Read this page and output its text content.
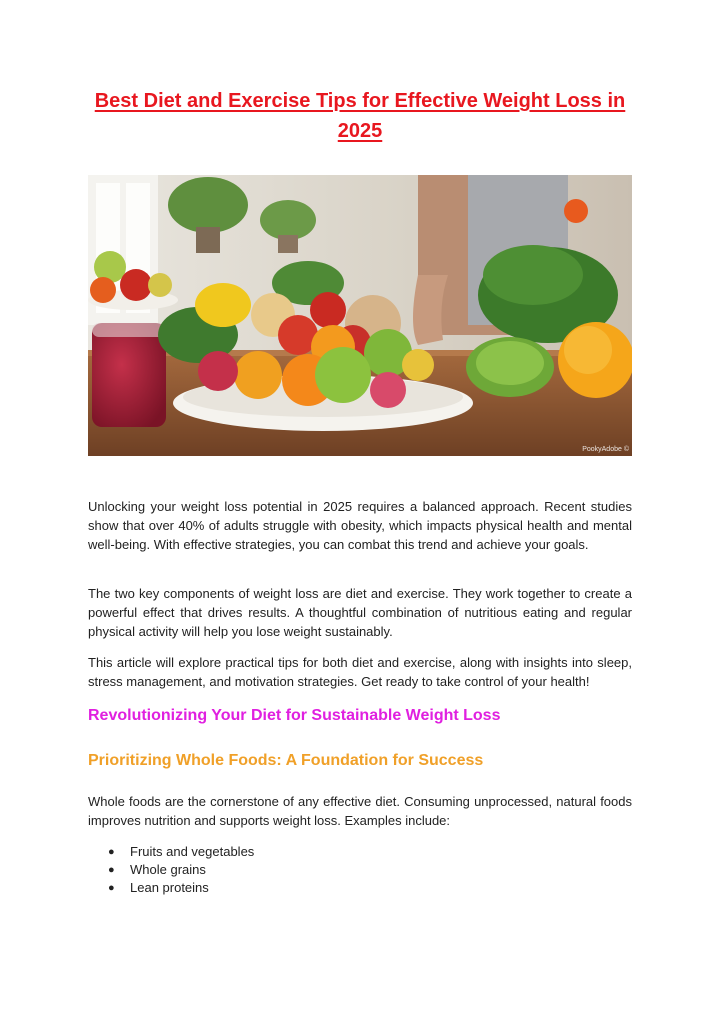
Best Diet and Exercise Tips for Effective Weight Loss in 2025
PookyAdobe ©

Unlocking your weight loss potential in 2025 requires a balanced approach. Recent studies show that over 40% of adults struggle with obesity, which impacts physical health and mental well-being. With effective strategies, you can combat this trend and achieve your goals.

The two key components of weight loss are diet and exercise. They work together to create a powerful effect that drives results. A thoughtful combination of nutritious eating and regular physical activity will help you lose weight sustainably.

This article will explore practical tips for both diet and exercise, along with insights into sleep, stress management, and motivation strategies. Get ready to take control of your health!

Revolutionizing Your Diet for Sustainable Weight Loss
Prioritizing Whole Foods: A Foundation for Success

Whole foods are the cornerstone of any effective diet. Consuming unprocessed, natural foods improves nutrition and supports weight loss. Examples include:

● Fruits and vegetables
● Whole grains
● Lean proteins
